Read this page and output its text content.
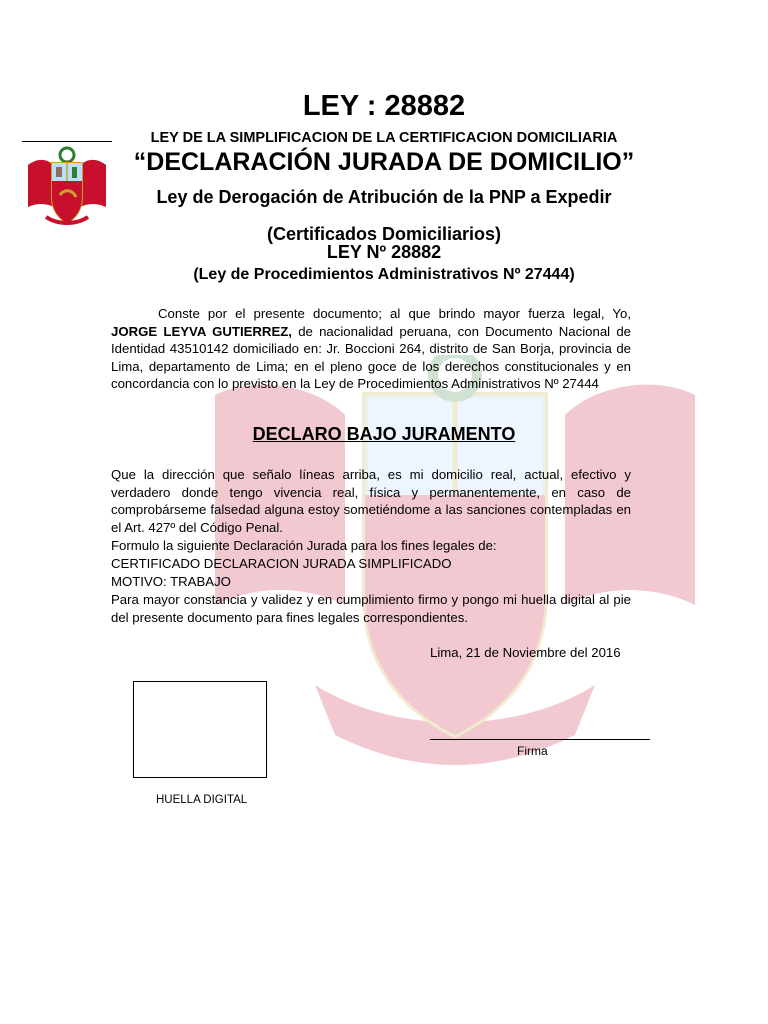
LEY : 28882
LEY DE LA SIMPLIFICACION DE LA CERTIFICACION DOMICILIARIA
“DECLARACIÓN JURADA DE DOMICILIO”
Ley de Derogación de Atribución de la PNP a Expedir
(Certificados Domiciliarios)
LEY Nº 28882
(Ley de Procedimientos Administrativos Nº 27444)
Conste por el presente documento; al que brindo mayor fuerza legal, Yo, JORGE LEYVA GUTIERREZ, de nacionalidad peruana, con Documento Nacional de Identidad 43510142 domiciliado en: Jr. Boccioni 264, distrito de San Borja, provincia de Lima, departamento de Lima; en el pleno goce de los derechos constitucionales y en concordancia con lo previsto en la Ley de Procedimientos Administrativos Nº 27444
DECLARO BAJO JURAMENTO
Que la dirección que señalo líneas arriba, es mi domicilio real, actual, efectivo y verdadero donde tengo vivencia real, física y permanentemente, en caso de comprobárseme falsedad alguna estoy sometiéndome a las sanciones contempladas en el Art. 427º del Código Penal.
Formulo la siguiente Declaración Jurada para los fines legales de:
CERTIFICADO DECLARACION JURADA SIMPLIFICADO
MOTIVO: TRABAJO
Para mayor constancia y validez y en cumplimiento firmo y pongo mi huella digital al pie del presente documento para fines legales correspondientes.
Lima, 21 de Noviembre del 2016
HUELLA DIGITAL
Firma
